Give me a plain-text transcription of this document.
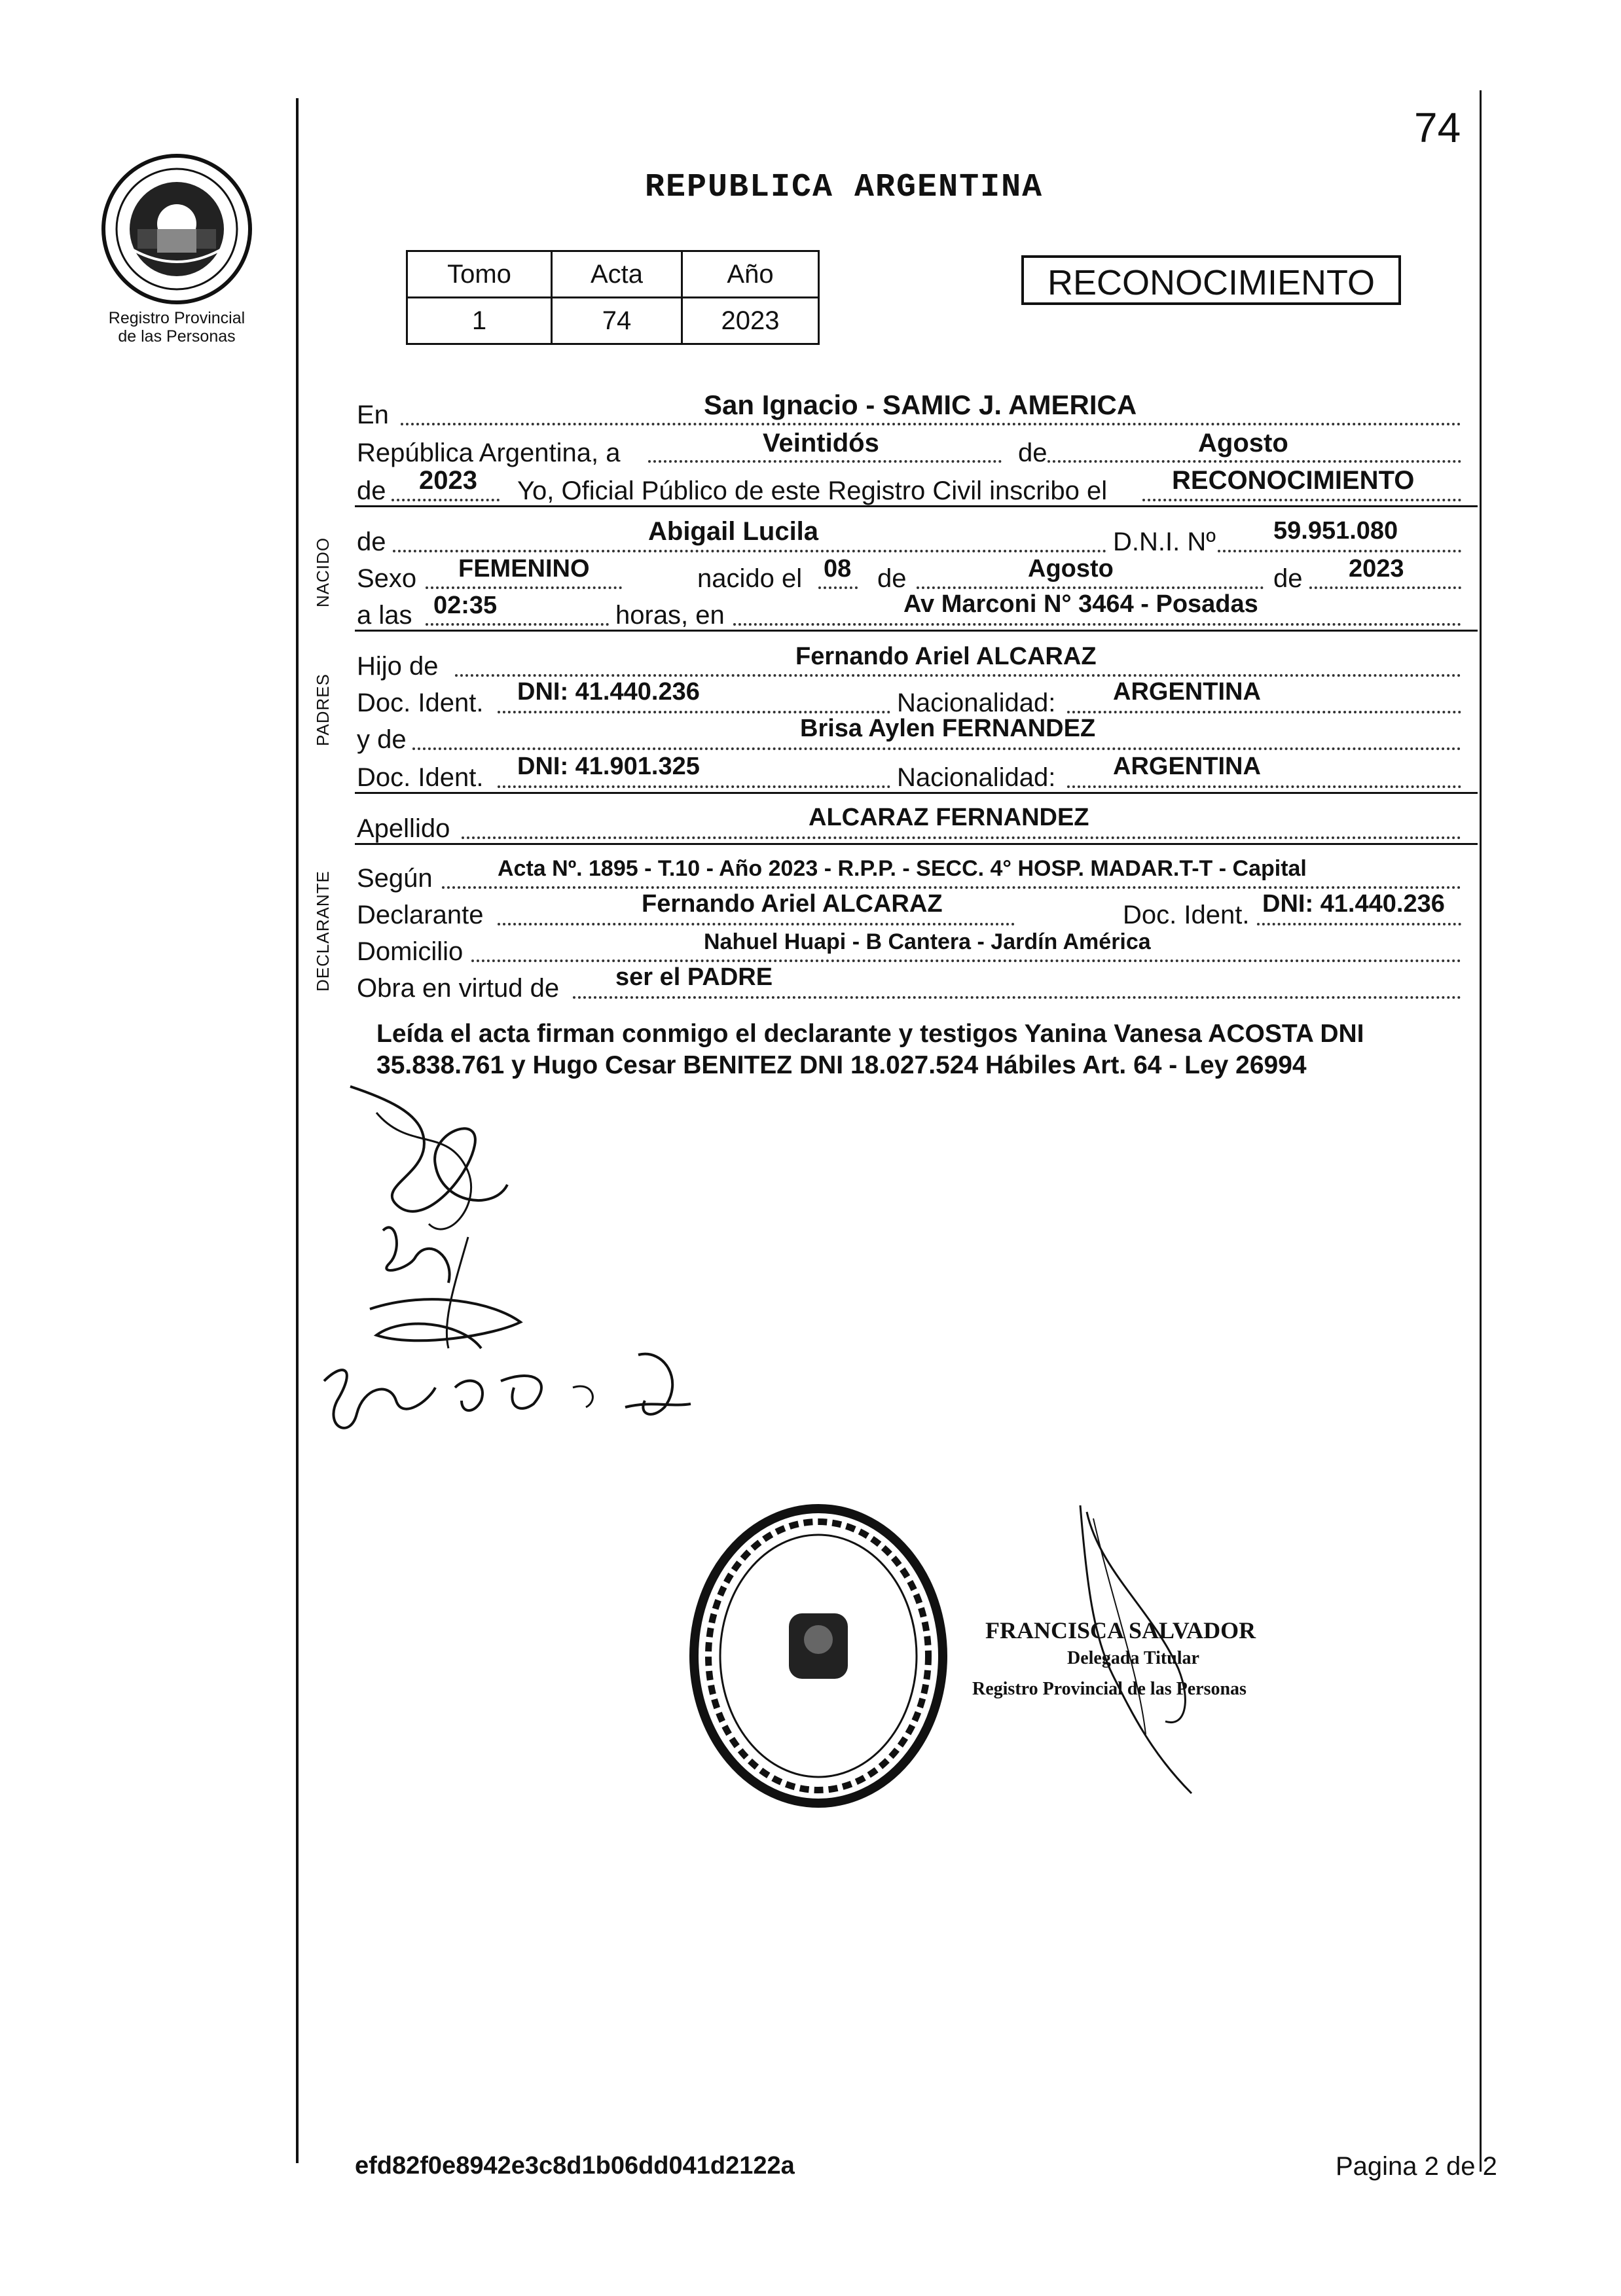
Registro Provincial
de las Personas
74
REPUBLICA ARGENTINA
Tomo	Acta	Año
1	74	2023
RECONOCIMIENTO
NACIDO
PADRES
DECLARANTE
En	San Ignacio - SAMIC J. AMERICA
República Argentina, a	Veintidós	de	Agosto
de 2023 Yo, Oficial Público de este Registro Civil inscribo el RECONOCIMIENTO
de	Abigail Lucila	D.N.I. Nº 59.951.080
Sexo FEMENINO	nacido el 08 de	Agosto	de 2023
a las 02:35	horas, en	Av Marconi N° 3464 - Posadas
Hijo de	Fernando Ariel ALCARAZ
Doc. Ident. DNI: 41.440.236	Nacionalidad: ARGENTINA
y de	Brisa Aylen FERNANDEZ
Doc. Ident. DNI: 41.901.325	Nacionalidad: ARGENTINA
Apellido	ALCARAZ FERNANDEZ
Según	Acta Nº. 1895 - T.10 - Año 2023 - R.P.P. - SECC. 4° HOSP. MADAR.T-T - Capital
Declarante	Fernando Ariel ALCARAZ	Doc. Ident. DNI: 41.440.236
Domicilio	Nahuel Huapi - B Cantera - Jardín América
Obra en virtud de ser el PADRE
Leída el acta firman conmigo el declarante y testigos Yanina Vanesa ACOSTA DNI 35.838.761 y Hugo Cesar BENITEZ DNI 18.027.524 Hábiles Art. 64 - Ley 26994
FRANCISCA SALVADOR
Delegada Titular
Registro Provincial de las Personas
efd82f0e8942e3c8d1b06dd041d2122a	Pagina 2 de 2
